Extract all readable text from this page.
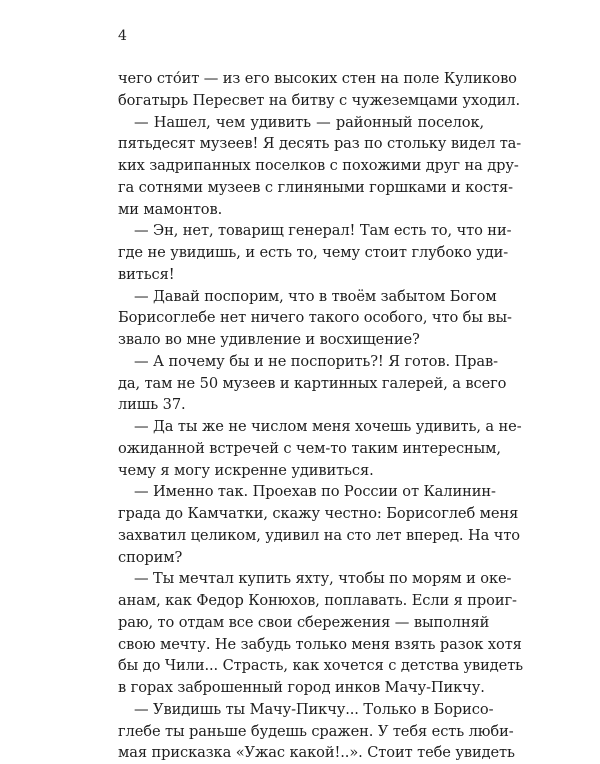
4
чего сто́ит — из его высоких стен на поле Куликово
богатырь Пересвет на битву с чужеземцами уходил.
— Нашел, чем удивить — районный поселок,
пятьдесят музеев! Я десять раз по стольку видел та-
ких задрипанных поселков с похожими друг на дру-
га сотнями музеев с глиняными горшками и костя-
ми мамонтов.
— Эн, нет, товарищ генерал! Там есть то, что ни-
где не увидишь, и есть то, чему стоит глубоко уди-
виться!
— Давай поспорим, что в твоём забытом Богом
Борисоглебе нет ничего такого особого, что бы вы-
звало во мне удивление и восхищение?
— А почему бы и не поспорить?! Я готов. Прав-
да, там не 50 музеев и картинных галерей, а всего
лишь 37.
— Да ты же не числом меня хочешь удивить, а не-
ожиданной встречей с чем-то таким интересным,
чему я могу искренне удивиться.
— Именно так. Проехав по России от Калинин-
града до Камчатки, скажу честно: Борисоглеб меня
захватил целиком, удивил на сто лет вперед. На что
спорим?
— Ты мечтал купить яхту, чтобы по морям и оке-
анам, как Федор Конюхов, поплавать. Если я проиг-
раю, то отдам все свои сбережения — выполняй
свою мечту. Не забудь только меня взять разок хотя
бы до Чили... Страсть, как хочется с детства увидеть
в горах заброшенный город инков Мачу-Пикчу.
— Увидишь ты Мачу-Пикчу... Только в Борисо-
глебе ты раньше будешь сражен. У тебя есть люби-
мая присказка «Ужас какой!..». Стоит тебе увидеть
